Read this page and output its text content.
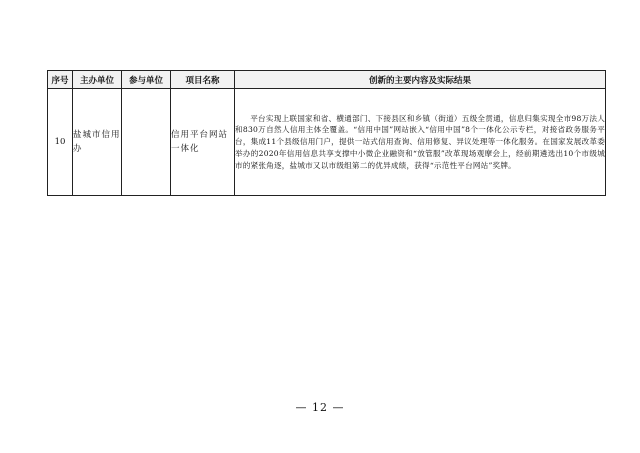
序号	主办单位	参与单位	项目名称	创新的主要内容及实际结果
10	盐城市信用办		信用平台网站一体化	平台实现上联国家和省、横通部门、下接县区和乡镇（街道）五级全贯通，信息归集实现全市98万法人和830万自然人信用主体全覆盖。“信用中国”网站嵌入“信用中国”8个一体化公示专栏，对接省政务服务平台，集成11个县级信用门户，提供一站式信用查询、信用修复、异议处理等一体化服务。在国家发展改革委举办的2020年信用信息共享支撑中小微企业融资和“放管服”改革现场观摩会上，经前期遴选出10个市级城市的紧张角逐，盐城市又以市级组第二的优异成绩，获得“示范性平台网站”奖牌。
— 12 —
